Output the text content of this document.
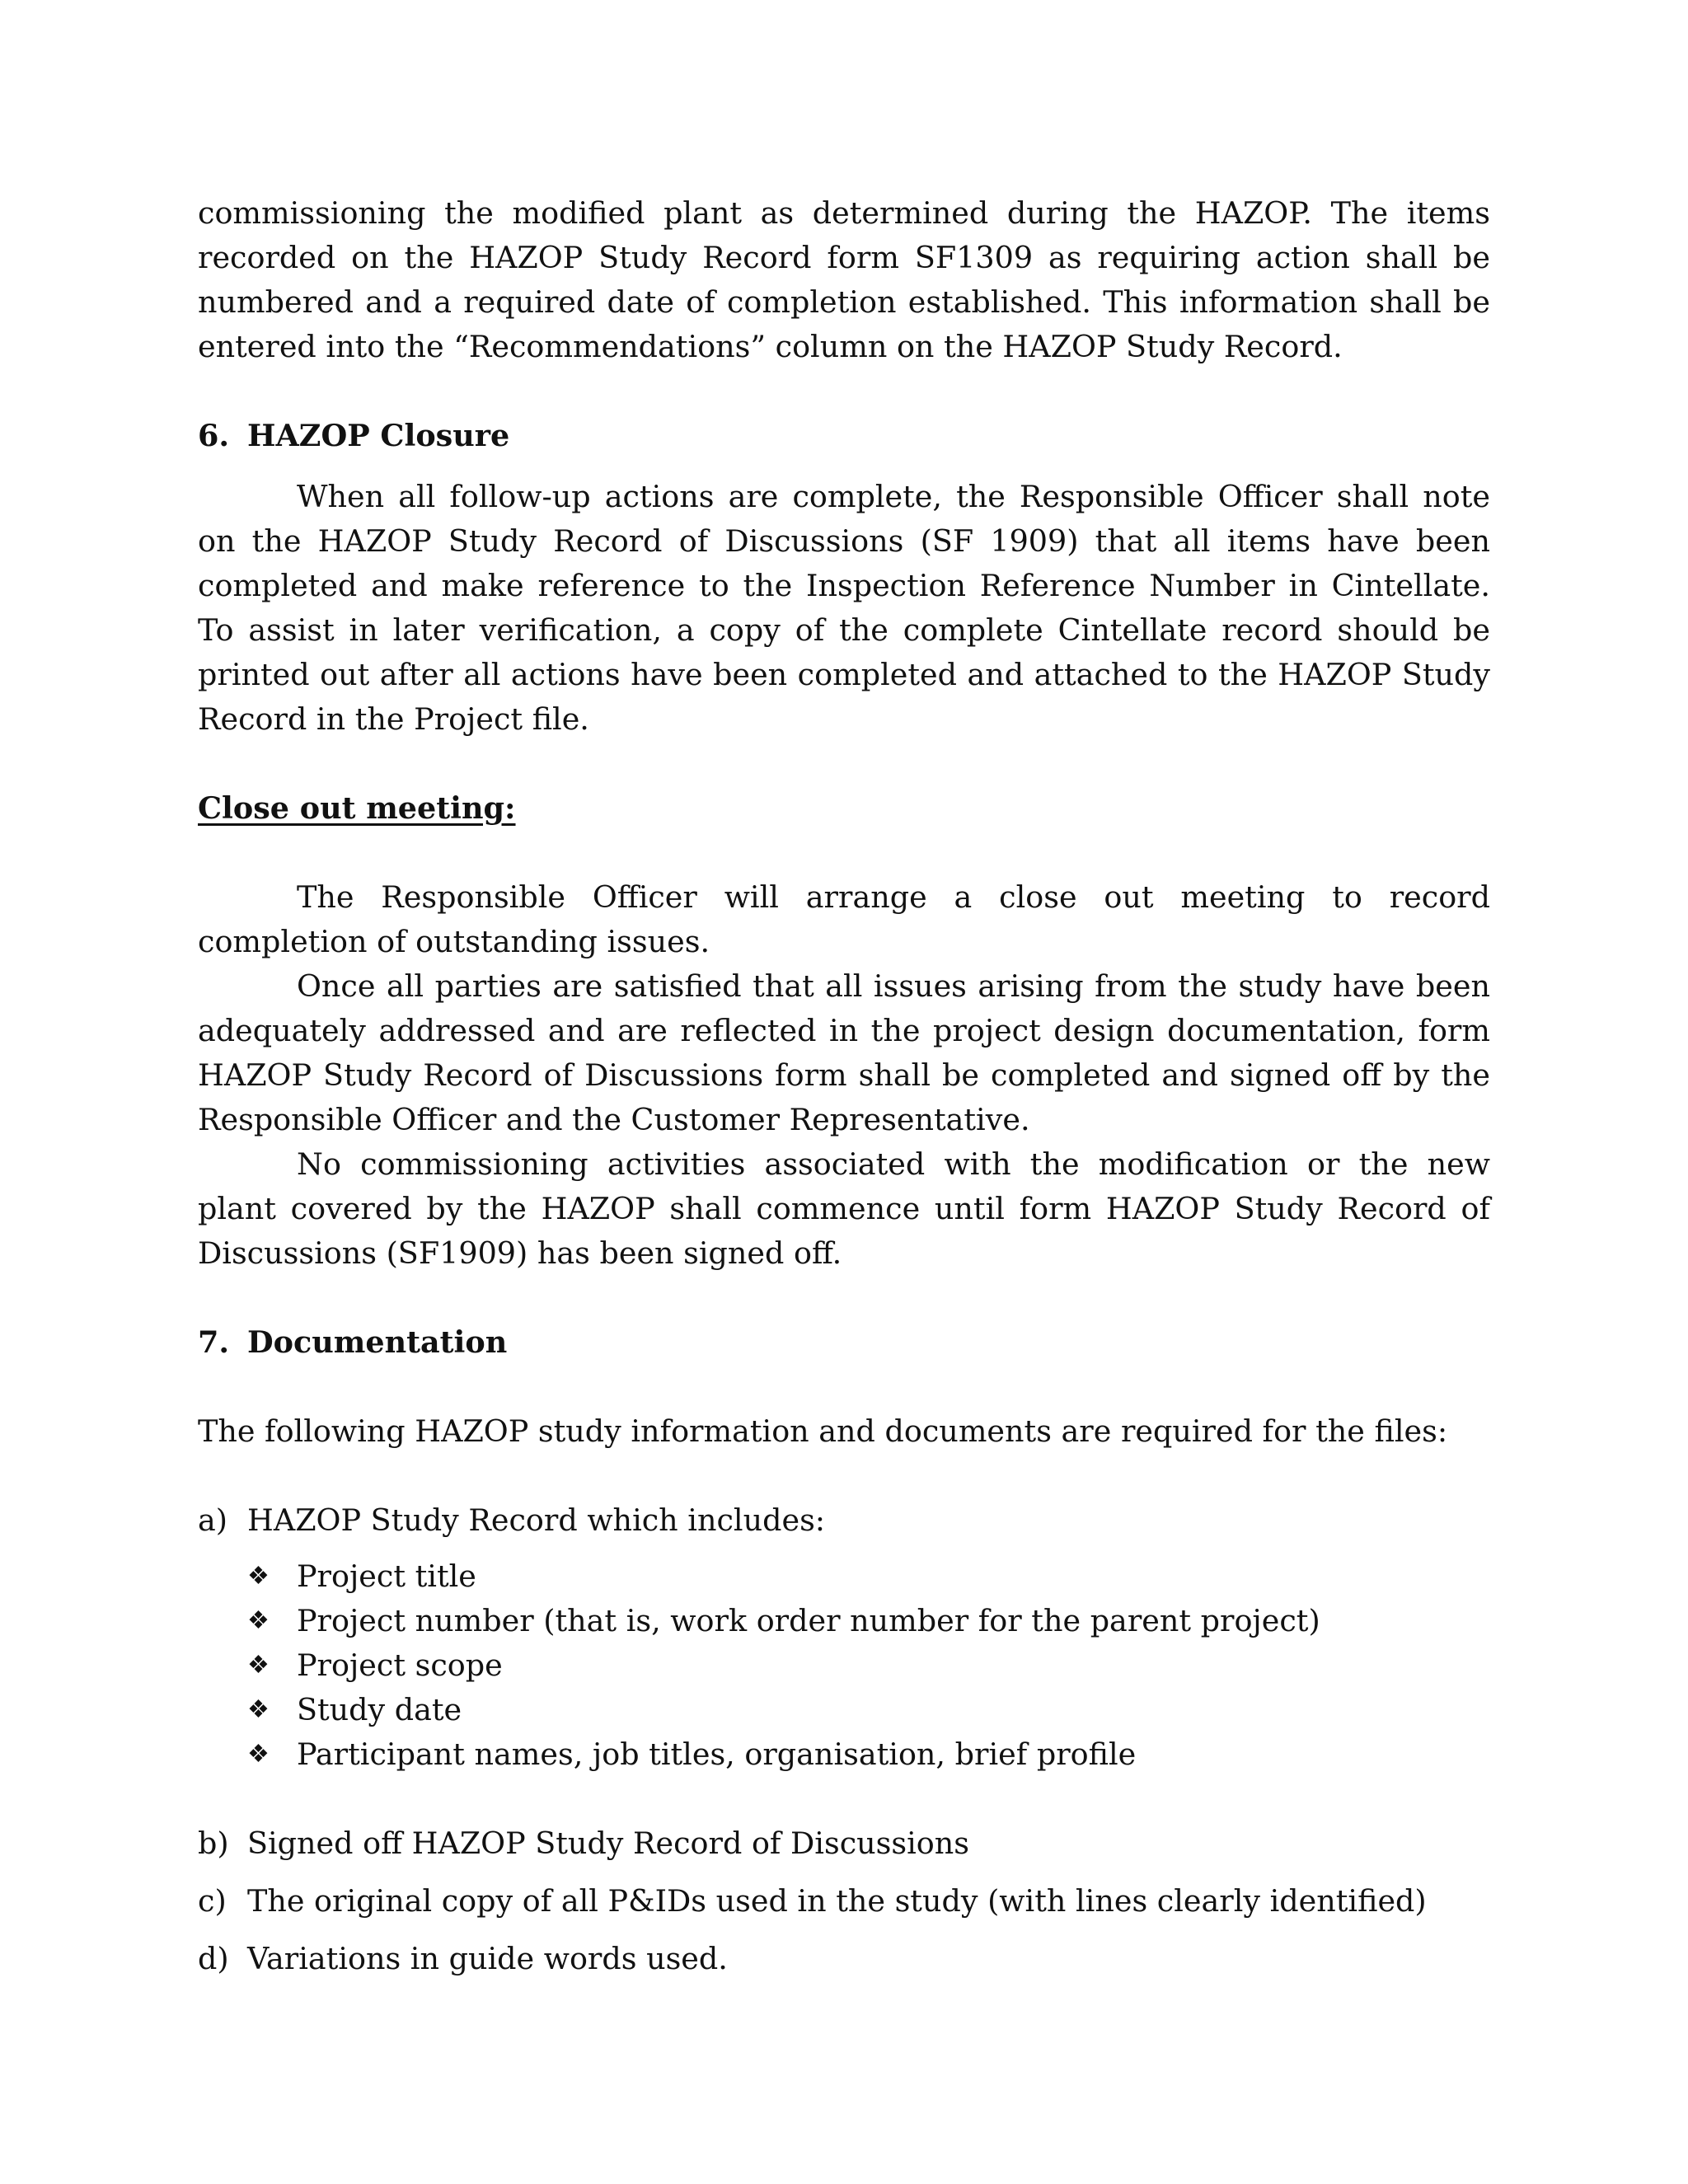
commissioning the modified plant as determined during the HAZOP. The items recorded on the HAZOP Study Record form SF1309 as requiring action shall be numbered and a required date of completion established. This information shall be entered into the “Recommendations” column on the HAZOP Study Record.

6. HAZOP Closure

When all follow-up actions are complete, the Responsible Officer shall note on the HAZOP Study Record of Discussions (SF 1909) that all items have been completed and make reference to the Inspection Reference Number in Cintellate. To assist in later verification, a copy of the complete Cintellate record should be printed out after all actions have been completed and attached to the HAZOP Study Record in the Project file.

Close out meeting:

The Responsible Officer will arrange a close out meeting to record completion of outstanding issues.

Once all parties are satisfied that all issues arising from the study have been adequately addressed and are reflected in the project design documentation, form HAZOP Study Record of Discussions form shall be completed and signed off by the Responsible Officer and the Customer Representative.

No commissioning activities associated with the modification or the new plant covered by the HAZOP shall commence until form HAZOP Study Record of Discussions (SF1909) has been signed off.

7. Documentation

The following HAZOP study information and documents are required for the files:

a) HAZOP Study Record which includes:
❖ Project title
❖ Project number (that is, work order number for the parent project)
❖ Project scope
❖ Study date
❖ Participant names, job titles, organisation, brief profile
b) Signed off HAZOP Study Record of Discussions
c) The original copy of all P&IDs used in the study (with lines clearly identified)
d) Variations in guide words used.
